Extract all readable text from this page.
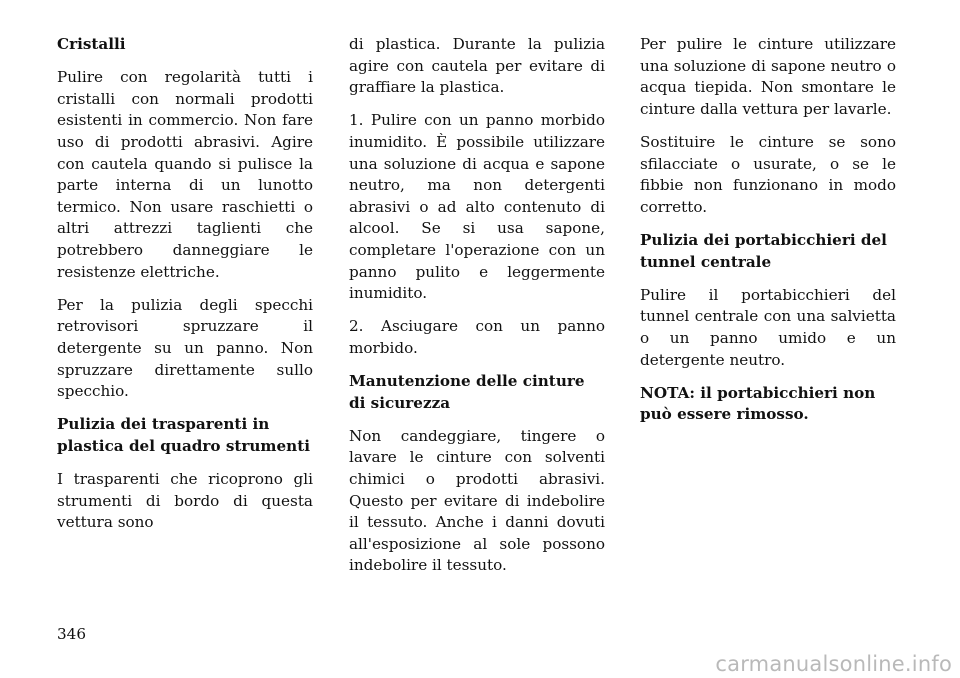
Cristalli

Pulire con regolarità tutti i cristalli con normali prodotti esistenti in commercio. Non fare uso di prodotti abrasivi. Agire con cautela quando si pulisce la parte interna di un lunotto termico. Non usare raschietti o altri attrezzi taglienti che potrebbero danneggiare le resistenze elettriche.

Per la pulizia degli specchi retrovisori spruzzare il detergente su un panno. Non spruzzare direttamente sullo specchio.

Pulizia dei trasparenti in plastica del quadro strumenti

I trasparenti che ricoprono gli strumenti di bordo di questa vettura sono

di plastica. Durante la pulizia agire con cautela per evitare di graffiare la plastica.

1. Pulire con un panno morbido inumidito. È possibile utilizzare una soluzione di acqua e sapone neutro, ma non detergenti abrasivi o ad alto contenuto di alcool. Se si usa sapone, completare l'operazione con un panno pulito e leggermente inumidito.

2. Asciugare con un panno morbido.

Manutenzione delle cinture di sicurezza

Non candeggiare, tingere o lavare le cinture con solventi chimici o prodotti abrasivi. Questo per evitare di indebolire il tessuto. Anche i danni dovuti all'esposizione al sole possono indebolire il tessuto.

Per pulire le cinture utilizzare una soluzione di sapone neutro o acqua tiepida. Non smontare le cinture dalla vettura per lavarle.

Sostituire le cinture se sono sfilacciate o usurate, o se le fibbie non funzionano in modo corretto.

Pulizia dei portabicchieri del tunnel centrale

Pulire il portabicchieri del tunnel centrale con una salvietta o un panno umido e un detergente neutro.

NOTA: il portabicchieri non può essere rimosso.

346
carmanualsonline.info
